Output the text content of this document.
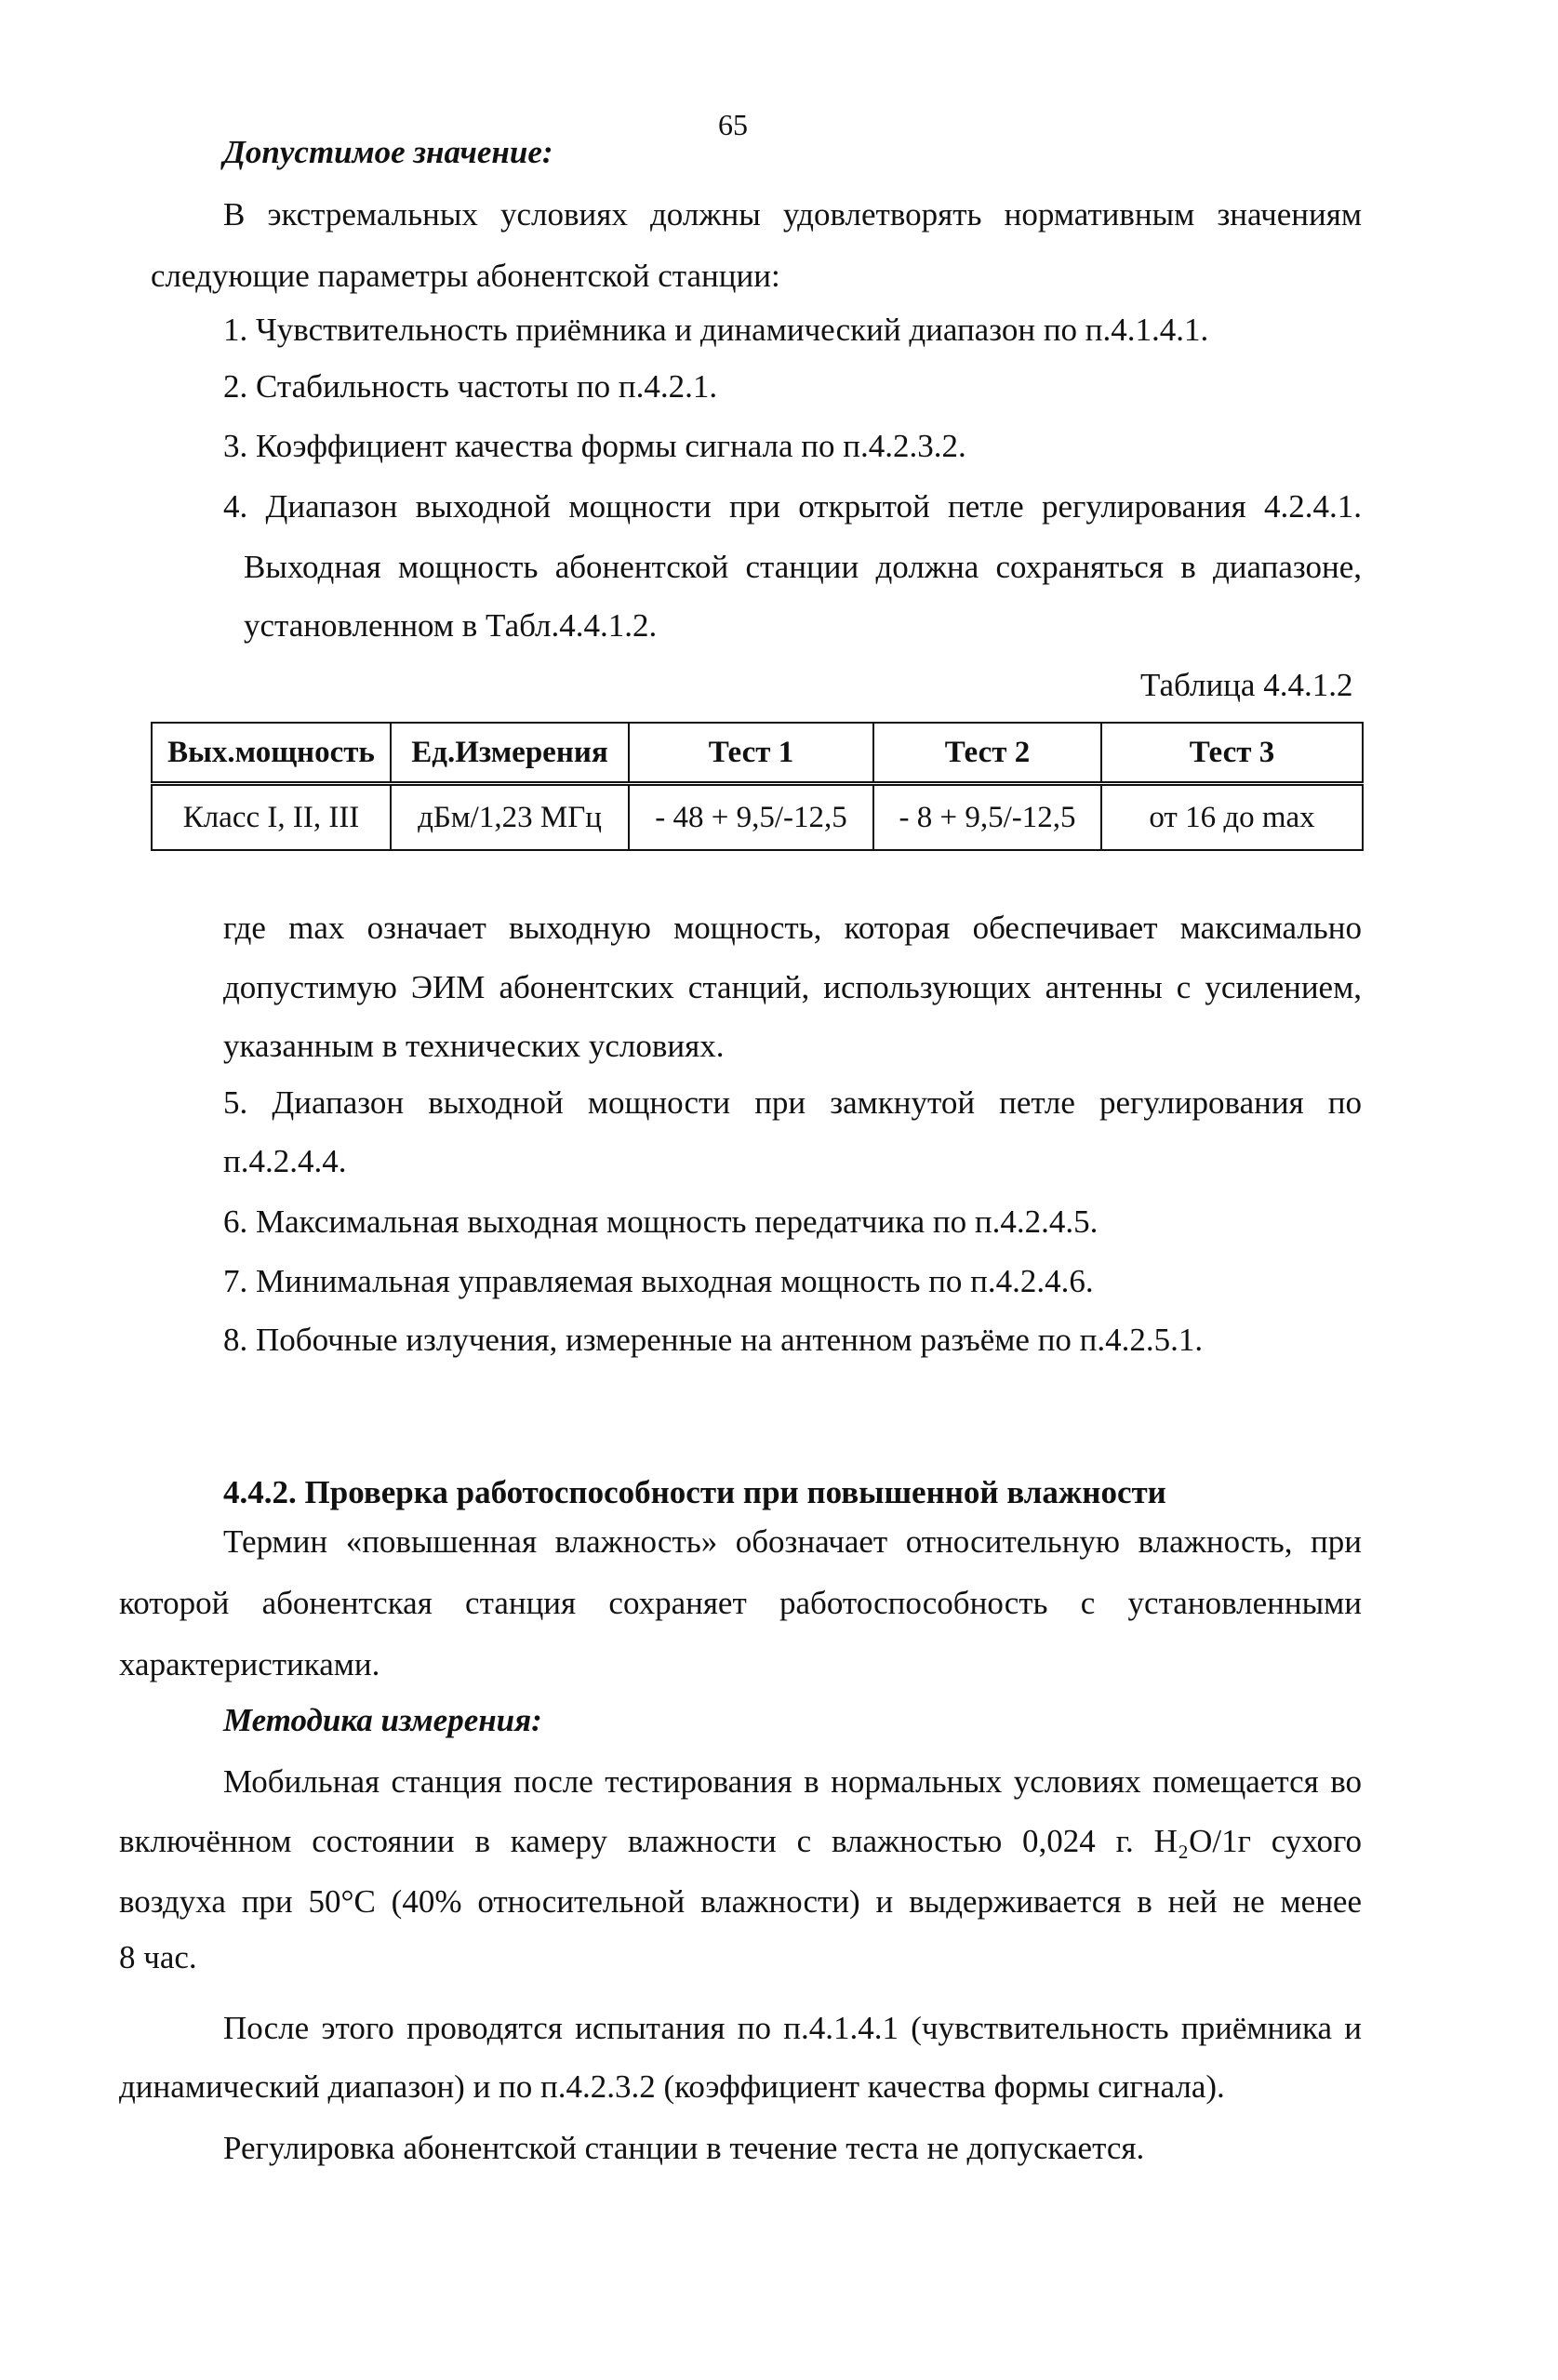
65
Допустимое значение:
В экстремальных условиях должны удовлетворять нормативным значениям
следующие параметры абонентской станции:
1. Чувствительность приёмника и динамический диапазон по п.4.1.4.1.
2. Стабильность частоты по п.4.2.1.
3. Коэффициент качества формы сигнала по п.4.2.3.2.
4. Диапазон выходной мощности при открытой петле регулирования 4.2.4.1.
Выходная мощность абонентской станции должна сохраняться в диапазоне,
установленном в Табл.4.4.1.2.
Таблица 4.4.1.2
Вых.мощность	Ед.Измерения	Тест 1	Тест 2	Тест 3
Класс I, II, III	дБм/1,23 МГц	- 48 + 9,5/-12,5	- 8 + 9,5/-12,5	от 16 до max
где max означает выходную мощность, которая обеспечивает максимально
допустимую ЭИМ абонентских станций, использующих антенны с усилением,
указанным в технических условиях.
5. Диапазон выходной мощности при замкнутой петле регулирования по
п.4.2.4.4.
6. Максимальная выходная мощность передатчика по п.4.2.4.5.
7. Минимальная управляемая выходная мощность по п.4.2.4.6.
8. Побочные излучения, измеренные на антенном разъёме по п.4.2.5.1.
4.4.2. Проверка работоспособности при повышенной влажности
Термин «повышенная влажность» обозначает относительную влажность, при
которой абонентская станция сохраняет работоспособность с установленными
характеристиками.
Методика измерения:
Мобильная станция после тестирования в нормальных условиях помещается во
включённом состоянии в камеру влажности с влажностью 0,024 г. H₂O/1г сухого
воздуха при 50°С (40% относительной влажности) и выдерживается в ней не менее
8 час.
После этого проводятся испытания по п.4.1.4.1 (чувствительность приёмника и
динамический диапазон) и по п.4.2.3.2 (коэффициент качества формы сигнала).
Регулировка абонентской станции в течение теста не допускается.
